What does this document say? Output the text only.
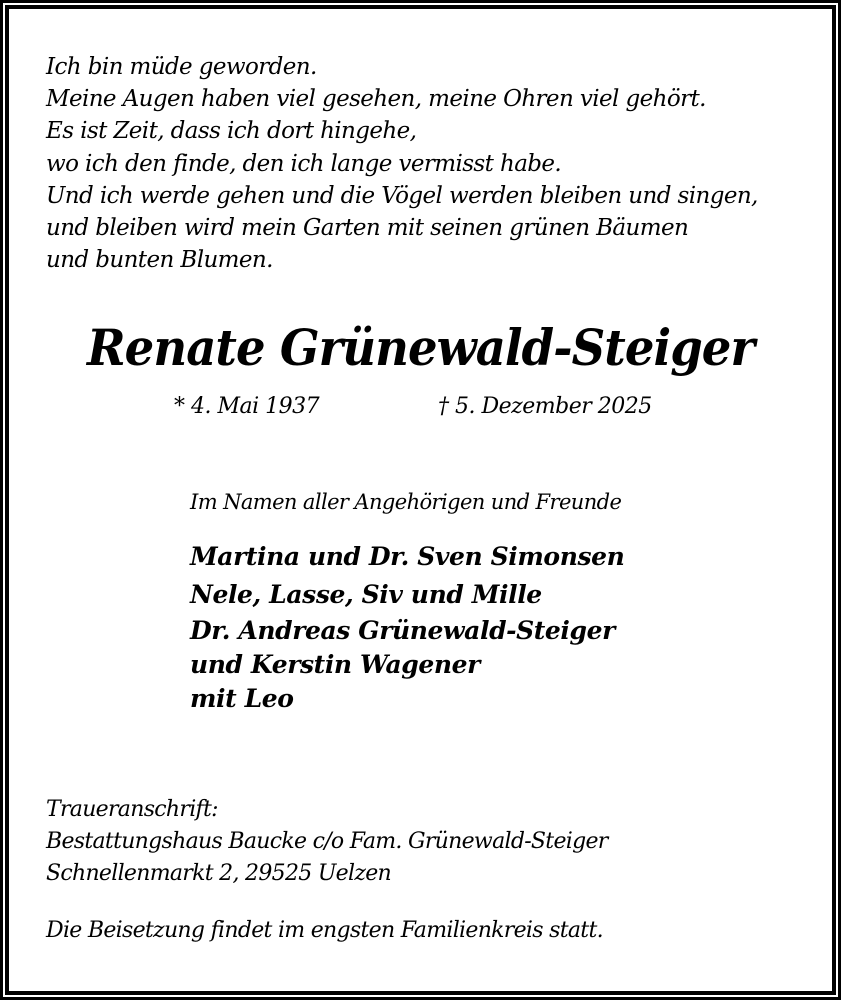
Ich bin müde geworden.
Meine Augen haben viel gesehen, meine Ohren viel gehört.
Es ist Zeit, dass ich dort hingehe,
wo ich den finde, den ich lange vermisst habe.
Und ich werde gehen und die Vögel werden bleiben und singen,
und bleiben wird mein Garten mit seinen grünen Bäumen
und bunten Blumen.
Renate Grünewald-Steiger
* 4. Mai 1937	† 5. Dezember 2025
Im Namen aller Angehörigen und Freunde
Martina und Dr. Sven Simonsen
Nele, Lasse, Siv und Mille
Dr. Andreas Grünewald-Steiger
und Kerstin Wagener
mit Leo
Traueranschrift:
Bestattungshaus Baucke c/o Fam. Grünewald-Steiger
Schnellenmarkt 2, 29525 Uelzen
Die Beisetzung findet im engsten Familienkreis statt.
